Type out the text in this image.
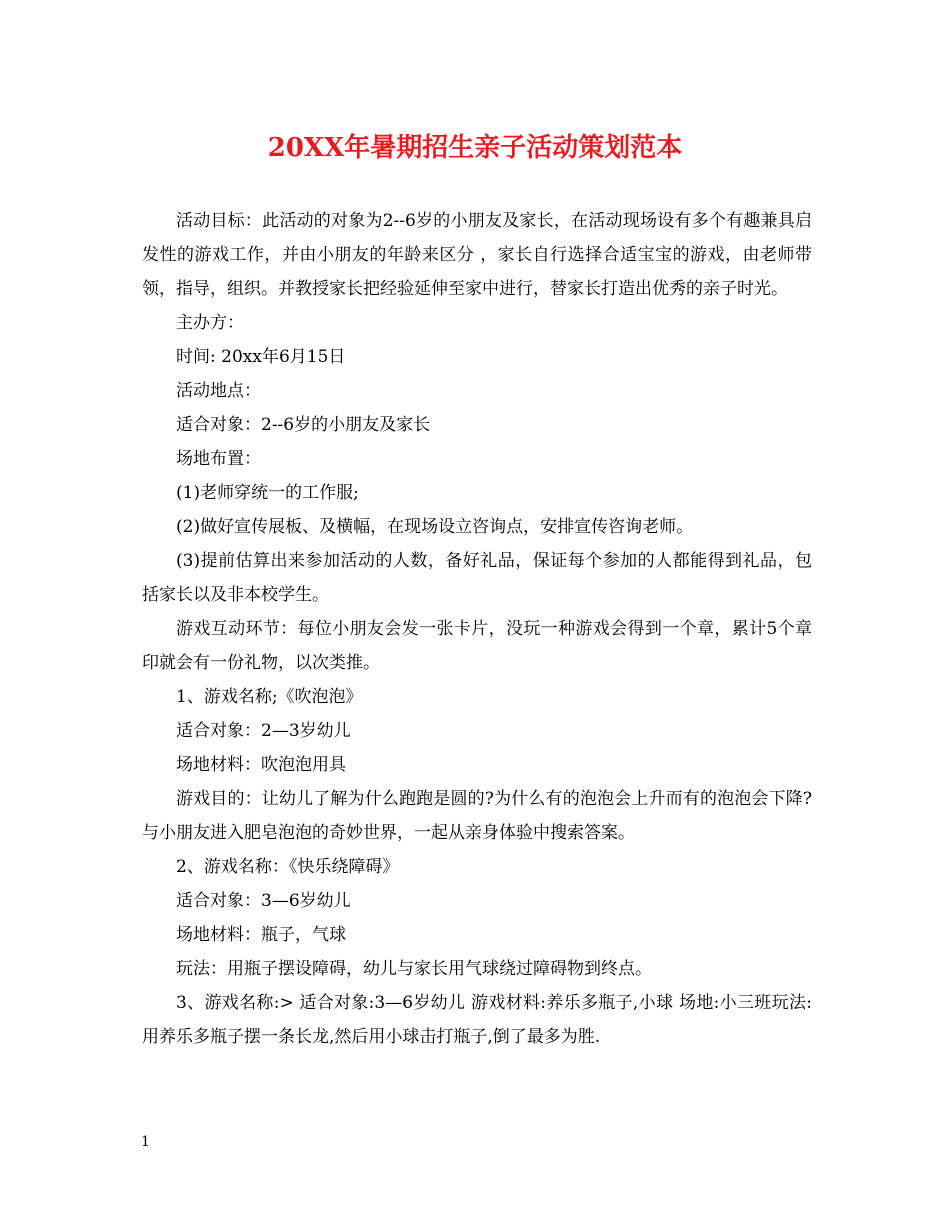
20XX年暑期招生亲子活动策划范本

活动目标：此活动的对象为2--6岁的小朋友及家长，在活动现场设有多个有趣兼具启发性的游戏工作，并由小朋友的年龄来区分 ，家长自行选择合适宝宝的游戏，由老师带领，指导，组织。并教授家长把经验延伸至家中进行，替家长打造出优秀的亲子时光。

主办方：

时间: 20xx年6月15日

活动地点：

适合对象：2--6岁的小朋友及家长

场地布置：

(1)老师穿统一的工作服;

(2)做好宣传展板、及横幅，在现场设立咨询点，安排宣传咨询老师。

(3)提前估算出来参加活动的人数，备好礼品，保证每个参加的人都能得到礼品，包括家长以及非本校学生。

游戏互动环节：每位小朋友会发一张卡片，没玩一种游戏会得到一个章，累计5个章印就会有一份礼物，以次类推。

1、游戏名称;《吹泡泡》

适合对象：2—3岁幼儿

场地材料：吹泡泡用具

游戏目的：让幼儿了解为什么跑跑是圆的?为什么有的泡泡会上升而有的泡泡会下降?与小朋友进入肥皂泡泡的奇妙世界，一起从亲身体验中搜索答案。

2、游戏名称：《快乐绕障碍》

适合对象：3—6岁幼儿

场地材料：瓶子，气球

玩法：用瓶子摆设障碍，幼儿与家长用气球绕过障碍物到终点。

3、游戏名称:> 适合对象:3—6岁幼儿 游戏材料:养乐多瓶子,小球 场地:小三班玩法:用养乐多瓶子摆一条长龙,然后用小球击打瓶子,倒了最多为胜.

1
